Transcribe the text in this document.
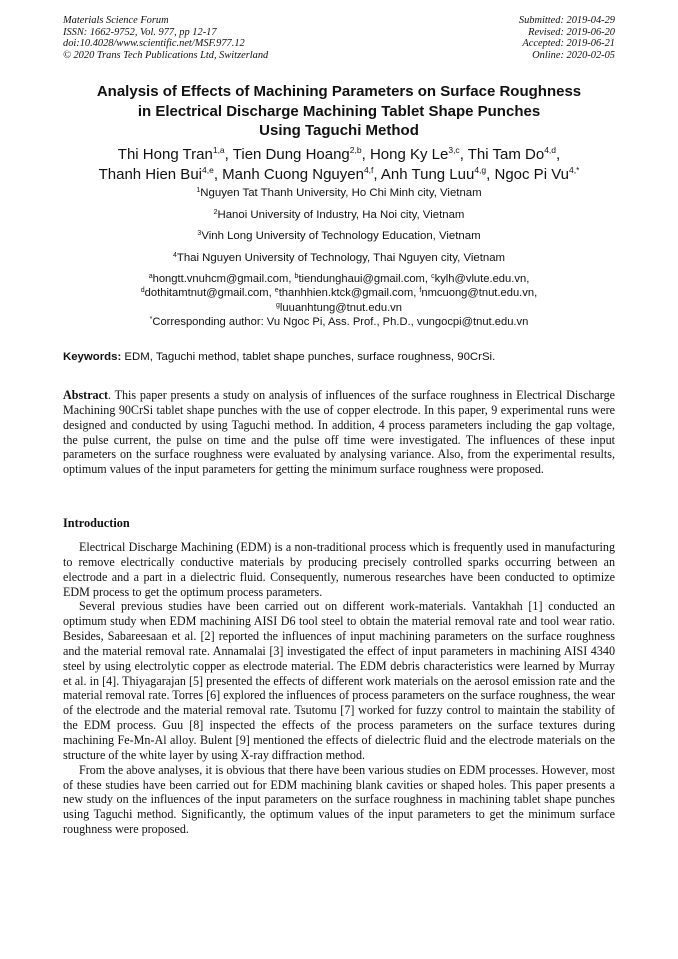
Materials Science Forum
ISSN: 1662-9752, Vol. 977, pp 12-17
doi:10.4028/www.scientific.net/MSF.977.12
© 2020 Trans Tech Publications Ltd, Switzerland
Submitted: 2019-04-29
Revised: 2019-06-20
Accepted: 2019-06-21
Online: 2020-02-05
Analysis of Effects of Machining Parameters on Surface Roughness
in Electrical Discharge Machining Tablet Shape Punches
Using Taguchi Method
Thi Hong Tran$^{1,a}$, Tien Dung Hoang$^{2,b}$, Hong Ky Le$^{3,c}$, Thi Tam Do$^{4,d}$,
Thanh Hien Bui$^{4,e}$, Manh Cuong Nguyen$^{4,f}$, Anh Tung Luu$^{4,g}$, Ngoc Pi $Vu^{4,*}$
$^1$Nguyen Tat Thanh University, Ho Chi Minh city, Vietnam
$^2$Hanoi University of Industry, Ha Noi city, Vietnam
$^3$Vinh Long University of Technology Education, Vietnam
$^4$Thai Nguyen University of Technology, Thai Nguyen city, Vietnam
$^a$hongtt.vnuhcm@gmail.com, $^b$tiendunghaui@gmail.com, $^c$kylh@vlute.edu.vn,
$^d$dothitamtnut@gmail.com, $^e$thanhhien.ktck@gmail.com, $^f$nmcuong@tnut.edu.vn,
$^g$luuanhtung@tnut.edu.vn
*Corresponding author: Vu Ngoc Pi, Ass. Prof., Ph.D., vungocpi@tnut.edu.vn
Keywords: EDM, Taguchi method, tablet shape punches, surface roughness, 90CrSi.
Abstract. This paper presents a study on analysis of influences of the surface roughness in Electrical Discharge Machining 90CrSi tablet shape punches with the use of copper electrode. In this paper, 9 experimental runs were designed and conducted by using Taguchi method. In addition, 4 process parameters including the gap voltage, the pulse current, the pulse on time and the pulse off time were investigated. The influences of these input parameters on the surface roughness were evaluated by analysing variance. Also, from the experimental results, optimum values of the input parameters for getting the minimum surface roughness were proposed.
Introduction

Electrical Discharge Machining (EDM) is a non-traditional process which is frequently used in manufacturing to remove electrically conductive materials by producing precisely controlled sparks occurring between an electrode and a part in a dielectric fluid. Consequently, numerous researches have been conducted to optimize EDM process to get the optimum process parameters.

Several previous studies have been carried out on different work-materials. Vantakhah [1] conducted an optimum study when EDM machining AISI D6 tool steel to obtain the material removal rate and tool wear ratio. Besides, Sabareesaan et al. [2] reported the influences of input machining parameters on the surface roughness and the material removal rate. Annamalai [3] investigated the effect of input parameters in machining AISI 4340 steel by using electrolytic copper as electrode material. The EDM debris characteristics were learned by Murray et al. in [4]. Thiyagarajan [5] presented the effects of different work materials on the aerosol emission rate and the material removal rate. Torres [6] explored the influences of process parameters on the surface roughness, the wear of the electrode and the material removal rate. Tsutomu [7] worked for fuzzy control to maintain the stability of the EDM process. Guu [8] inspected the effects of the process parameters on the surface textures during machining Fe-Mn-Al alloy. Bulent [9] mentioned the effects of dielectric fluid and the electrode materials on the structure of the white layer by using X-ray diffraction method.

From the above analyses, it is obvious that there have been various studies on EDM processes. However, most of these studies have been carried out for EDM machining blank cavities or shaped holes. This paper presents a new study on the influences of the input parameters on the surface roughness in machining tablet shape punches using Taguchi method. Significantly, the optimum values of the input parameters to get the minimum surface roughness were proposed.
